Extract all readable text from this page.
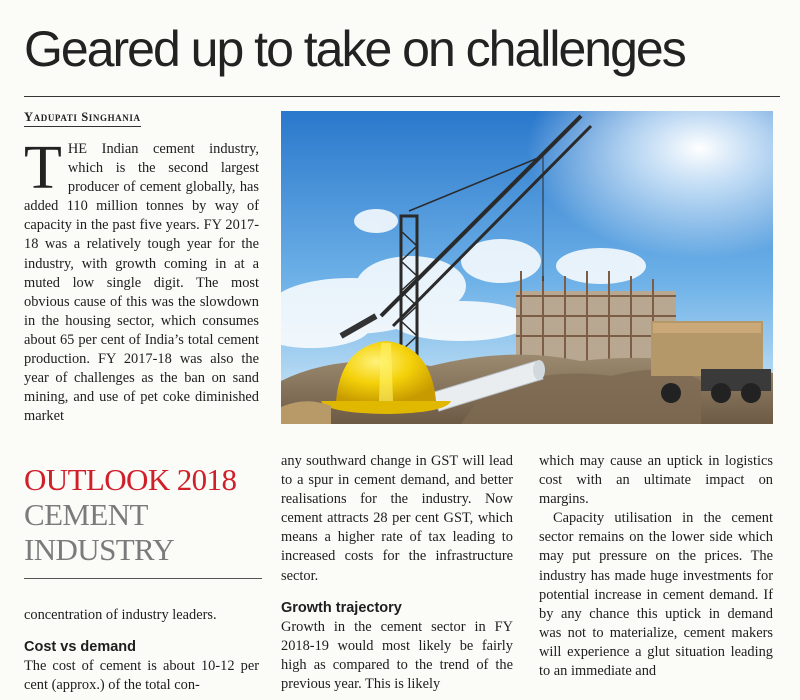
Geared up to take on challenges
Yadupati Singhania
T HE Indian cement industry, which is the second largest producer of cement globally, has added 110 million tonnes by way of capacity in the past five years. FY 2017-18 was a relatively tough year for the industry, with growth coming in at a muted low single digit. The most obvious cause of this was the slowdown in the housing sector, which consumes about 65 per cent of India’s total cement production. FY 2017-18 was also the year of challenges as the ban on sand mining, and use of pet coke diminished market
OUTLOOK 2018
CEMENT
INDUSTRY

concentration of industry leaders.

Cost vs demand

The cost of cement is about 10-12 per cent (approx.) of the total con-

any southward change in GST will lead to a spur in cement demand, and better realisations for the industry. Now cement attracts 28 per cent GST, which means a higher rate of tax leading to increased costs for the infrastructure sector.

Growth trajectory

Growth in the cement sector in FY 2018-19 would most likely be fairly high as compared to the trend of the previous year. This is likely

which may cause an uptick in logistics cost with an ultimate impact on margins.

Capacity utilisation in the cement sector remains on the lower side which may put pressure on the prices. The industry has made huge investments for potential increase in cement demand. If by any chance this uptick in demand was not to materialize, cement makers will experience a glut situation leading to an immediate and
